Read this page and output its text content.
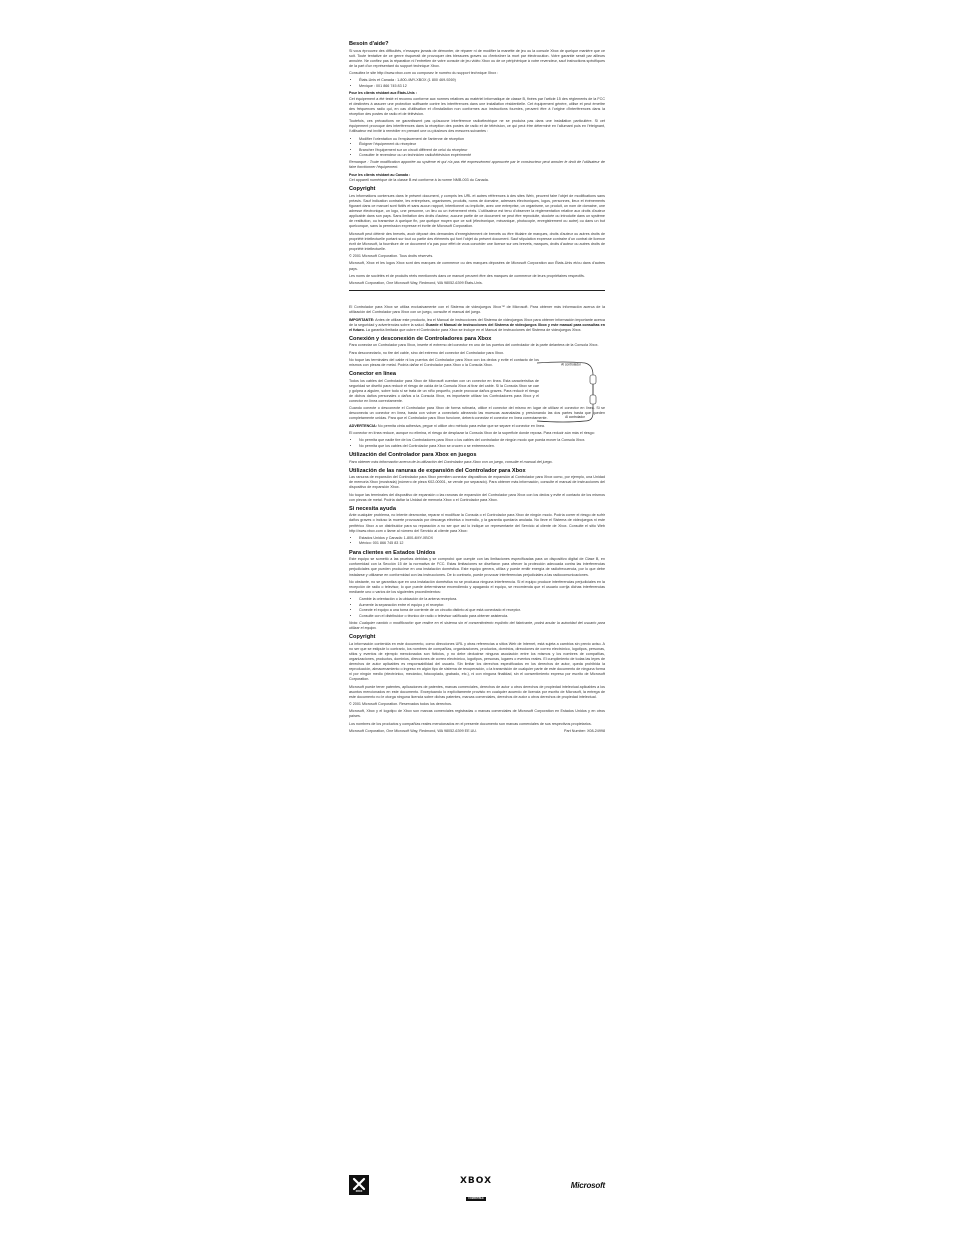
Besoin d'aide?
Si vous éprouvez des difficultés, n'essayez jamais de démonter, de réparer ni de modifier la manette de jeu ou la console Xbox de quelque manière que ce soit. Toute tentative de ce genre risquerait de provoquer des blessures graves ou d'entraîner la mort par électrocution. Votre garantie serait par ailleurs annulée. Ne confiez pas la réparation ni l'entretien de votre console de jeu vidéo Xbox ou de ce périphérique à votre revendeur, sauf instructions spécifiques de la part d'un représentant du support technique Xbox.
Consultez le site http://www.xbox.com ou composez le numéro du support technique Xbox :
• États-Unis et Canada : 1-800-4MY-XBOX (1 800 469-9269)
• Mexique : 001 866 745 83 12
Pour les clients résidant aux États-Unis :
Cet équipement a été testé et reconnu conforme aux normes relatives au matériel informatique de classe B, fixées par l'article 15 des règlements de la FCC et destinées à assurer une protection suffisante contre les interférences dans une installation résidentielle. Cet équipement génère, utilise et peut émettre des fréquences radio qui, en cas d'utilisation et d'installation non conformes aux instructions fournies, peuvent être à l'origine d'interférences dans la réception des postes de radio et de télévision.
Toutefois, ces précautions ne garantissent pas qu'aucune interférence radioélectrique ne se produira pas dans une installation particulière. Si cet équipement provoque des interférences dans la réception des postes de radio et de télévision, ce qui peut être déterminé en l'allumant puis en l'éteignant, l'utilisateur est invité à remédier en prenant une ou plusieurs des mesures suivantes :
• Modifier l'orientation ou l'emplacement de l'antenne de réception
• Éloigner l'équipement du récepteur
• Brancher l'équipement sur un circuit différent de celui du récepteur
• Consulter le revendeur ou un technicien radio/télévision expérimenté
Remarque : Toute modification apportée au système et qui n'a pas été expressément approuvée par le constructeur peut annuler le droit de l'utilisateur de faire fonctionner l'équipement.
Pour les clients résidant au Canada :
Cet appareil numérique de la classe B est conforme à la norme NMB-003 du Canada.
Copyright
Les informations contenues dans le présent document, y compris les URL et autres références à des sites Web, peuvent faire l'objet de modifications sans préavis. Sauf indication contraire, les entreprises, organismes, produits, noms de domaine, adresses électroniques, logos, personnes, lieux et événements figurant dans ce manuel sont fictifs et sans aucun rapport, intentionnel ou implicite, avec une entreprise, un organisme, un produit, un nom de domaine, une adresse électronique, un logo, une personne, un lieu ou un événement réels. L'utilisateur est tenu d'observer la réglementation relative aux droits d'auteur applicable dans son pays. Sans limitation des droits d'auteur, aucune partie de ce document ne peut être reproduite, stockée ou introduite dans un système de restitution, ou transmise à quelque fin, par quelque moyen que ce soit (électronique, mécanique, photocopie, enregistrement ou autre) ou dans un but quelconque, sans la permission expresse et écrite de Microsoft Corporation.
Microsoft peut détenir des brevets, avoir déposé des demandes d'enregistrement de brevets ou être titulaire de marques, droits d'auteur ou autres droits de propriété intellectuelle portant sur tout ou partie des éléments qui font l'objet du présent document. Sauf stipulation expresse contraire d'un contrat de licence écrit de Microsoft, la fourniture de ce document n'a pas pour effet de vous concéder une licence sur ces brevets, marques, droits d'auteur ou autres droits de propriété intellectuelle.
© 2001 Microsoft Corporation. Tous droits réservés.
Microsoft, Xbox et les logos Xbox sont des marques de commerce ou des marques déposées de Microsoft Corporation aux États-Unis et/ou dans d'autres pays.
Les noms de sociétés et de produits réels mentionnés dans ce manuel peuvent être des marques de commerce de leurs propriétaires respectifs.
Microsoft Corporation, One Microsoft Way, Redmond, WA 98052-6399 États-Unis.
El Controlador para Xbox se utiliza exclusivamente con el Sistema de videojuegos Xbox™ de Microsoft. Para obtener más información acerca de la utilización del Controlador para Xbox con un juego, consulte el manual del juego.
IMPORTANTE: Antes de utilizar este producto, lea el Manual de instrucciones del Sistema de videojuegos Xbox para obtener información importante acerca de la seguridad y advertencias sobre la salud. Guarde el Manual de instrucciones del Sistema de videojuegos Xbox y este manual para consultas en el futuro. La garantía limitada que cubre el Controlador para Xbox se incluye en el Manual de instrucciones del Sistema de videojuegos Xbox.
Conexión y desconexión de Controladores para Xbox
Para conectar un Controlador para Xbox, inserte el extremo del conector en uno de los puertos del controlador de la parte delantera de la Consola Xbox.
Al controlador
Al controlador
Para desconectarlo, no tire del cable, sino del extremo del conector del Controlador para Xbox.
No toque las terminales del cable ni los puertos del Controlador para Xbox con los dedos y evite el contacto de los mismos con piezas de metal. Podría dañar el Controlador para Xbox o la Consola Xbox.
Conector en línea
Todos los cables del Controlador para Xbox de Microsoft cuentan con un conector en línea. Esta característica de seguridad se diseñó para reducir el riesgo de caída de la Consola Xbox al tirar del cable. Si la Consola Xbox se cae y golpea a alguien, sobre todo si se trata de un niño pequeño, puede provocar daños graves. Para reducir el riesgo de dichos daños personales o daños a la Consola Xbox, es importante utilizar los Controladores para Xbox y el conector en línea correctamente.
Cuando conecte o desconecte el Controlador para Xbox de forma rutinaria, utilice el conector del mismo en lugar de utilizar el conector en línea. Si se desconecta un conector en línea, basta con volver a conectarlo alineando las muescas acanaladas y presionando las dos partes hasta que queden completamente unidas. Para que el Controlador para Xbox funcione, deberá conectar el conector en línea correctamente.
ADVERTENCIA: No permita cinta adhesiva, pegue ni utilice otro método para evitar que se separe el conector en línea.
El conector en línea reduce, aunque no elimina, el riesgo de desplazar la Consola Xbox de la superficie donde reposa. Para reducir aún más el riesgo:
• No permita que nadie tire de los Controladores para Xbox o los cables del controlador de ningún modo que pueda mover la Consola Xbox.
• No permita que los cables del Controlador para Xbox se crucen o se entremezclen.
Utilización del Controlador para Xbox en juegos
Para obtener más información acerca de la utilización del Controlador para Xbox con un juego, consulte el manual del juego.
Utilización de las ranuras de expansión del Controlador para Xbox
Las ranuras de expansión del Controlador para Xbox permiten conectar dispositivos de expansión al Controlador para Xbox como, por ejemplo, una Unidad de memoria Xbox (mostrada) (número de pieza K02-00001, se vende por separado). Para obtener más información, consulte el manual de instrucciones del dispositivo de expansión Xbox.
No toque las terminales del dispositivo de expansión o las ranuras de expansión del Controlador para Xbox con los dedos y evite el contacto de los mismos con piezas de metal. Podría dañar la Unidad de memoria Xbox o el Controlador para Xbox.
Si necesita ayuda
Ante cualquier problema, no intente desmontar, reparar ni modificar la Consola o el Controlador para Xbox de ningún modo. Podría correr el riesgo de sufrir daños graves o incluso la muerte provocada por descarga eléctrica o incendio, y la garantía quedaría anulada. No lleve el Sistema de videojuegos ni este periférico Xbox a un distribuidor para su reparación a no ser que así lo indique un representante del Servicio al cliente de Xbox. Consulte el sitio Web http://www.xbox.com o llame al número del Servicio al cliente para Xbox:
• Estados Unidos y Canadá: 1-800-4MY-XBOX
• México: 001 866 745 83 12
Para clientes en Estados Unidos
Este equipo se sometió a las pruebas debidas y se comprobó que cumple con las limitaciones especificadas para un dispositivo digital de Clase B, en conformidad con la Sección 15 de la normativa de FCC. Estas limitaciones se diseñaron para ofrecer la protección adecuada contra las interferencias perjudiciales que pueden producirse en una instalación doméstica. Este equipo genera, utiliza y puede emitir energía de radiofrecuencia, por lo que debe instalarse y utilizarse en conformidad con las instrucciones. De lo contrario, puede provocar interferencias perjudiciales a las radiocomunicaciones.
No obstante, no se garantiza que en una instalación doméstica no se produzca ninguna interferencia. Si el equipo produce interferencias perjudiciales en la recepción de radio o televisor, lo que puede determinarse encendiendo y apagando el equipo, se recomienda que el usuario corrija dichas interferencias mediante uno o varios de los siguientes procedimientos:
• Cambie la orientación o la ubicación de la antena receptora.
• Aumente la separación entre el equipo y el receptor.
• Conecte el equipo a una toma de corriente de un circuito distinto al que está conectado el receptor.
• Consulte con el distribuidor o técnico de radio o televisor calificado para obtener asistencia.
Nota: Cualquier cambio o modificación que realice en el sistema sin el consentimiento explícito del fabricante, podrá anular la autoridad del usuario para utilizar el equipo.
Copyright
La información contenida en este documento, como direcciones URL y otras referencias a sitios Web de Internet, está sujeta a cambios sin previo aviso. A no ser que se estipule lo contrario, los nombres de compañías, organizaciones, productos, dominios, direcciones de correo electrónico, logotipos, personas, sitios y eventos de ejemplo mencionados son ficticios, y no debe deducirse ninguna asociación entre los mismos y los nombres de compañías, organizaciones, productos, dominios, direcciones de correo electrónico, logotipos, personas, lugares o eventos reales. El cumplimiento de todas las leyes de derechos de autor aplicables es responsabilidad del usuario. Sin limitar los derechos especificados en los derechos de autor, queda prohibida la reproducción, almacenamiento o ingreso en algún tipo de sistema de recuperación, o la transmisión de cualquier parte de este documento de ninguna forma ni por ningún medio (electrónico, mecánico, fotocopiado, grabado, etc.), ni con ninguna finalidad, sin el consentimiento expreso por escrito de Microsoft Corporation.
Microsoft puede tener patentes, aplicaciones de patentes, marcas comerciales, derechos de autor u otros derechos de propiedad intelectual aplicables a los asuntos mencionados en este documento. Exceptuando lo explícitamente provisto en cualquier acuerdo de licencia por escrito de Microsoft, la entrega de este documento no le otorga ninguna licencia sobre dichas patentes, marcas comerciales, derechos de autor u otros derechos de propiedad intelectual.
© 2001 Microsoft Corporation. Reservados todos los derechos.
Microsoft, Xbox y el logotipo de Xbox son marcas comerciales registradas o marcas comerciales de Microsoft Corporation en Estados Unidos y en otros países.
Los nombres de los productos y compañías reales mencionados en el presente documento son marcas comerciales de sus respectivos propietarios.
Microsoft Corporation, One Microsoft Way, Redmond, WA 98052-6399 EE.UU.	Part Number: X08-24998
XBOX
XBOX
COMPATIBLE
Microsoft
